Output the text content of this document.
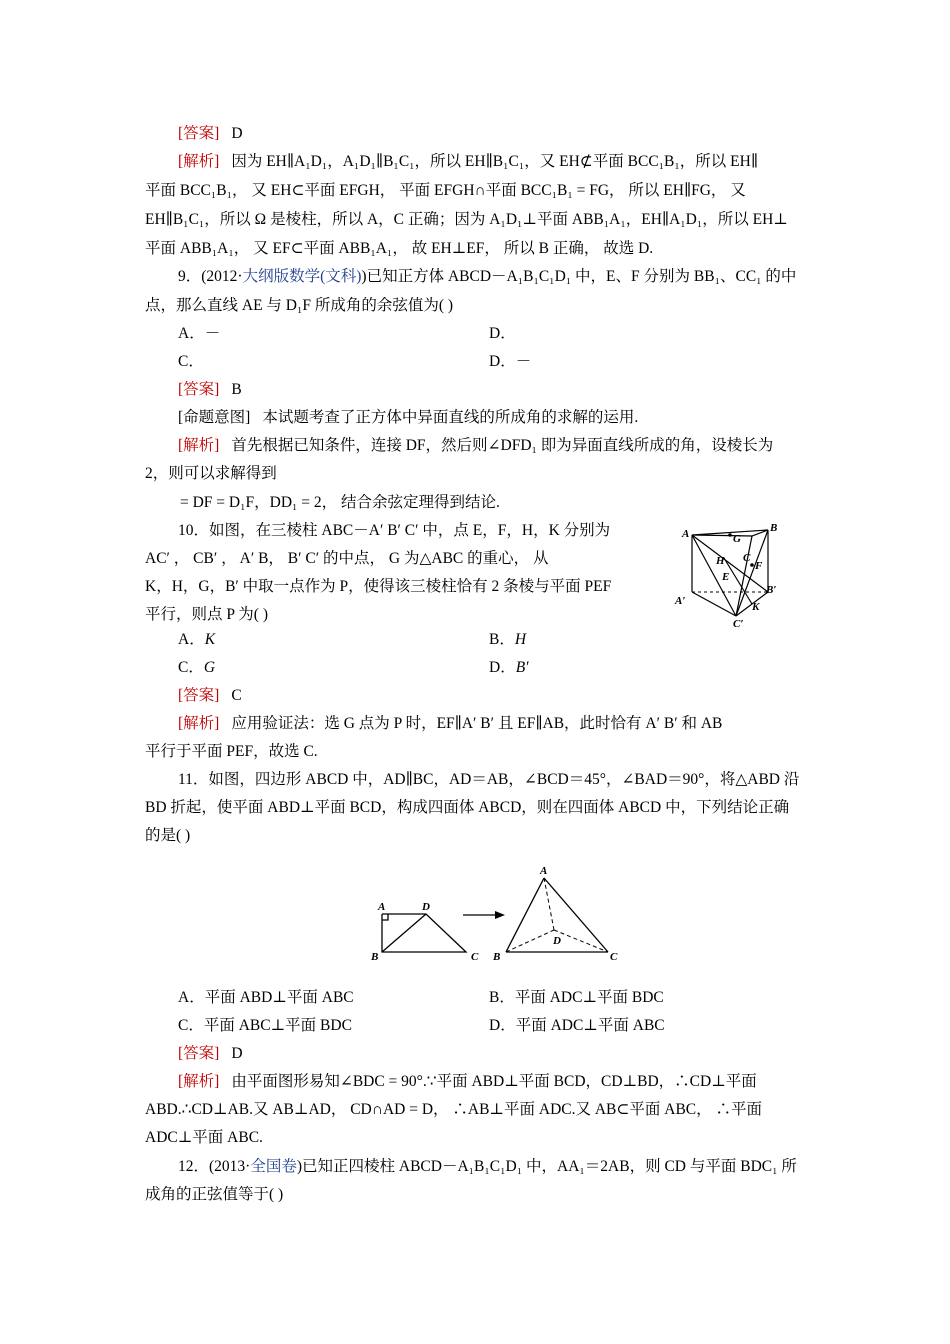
[答案] D
[解析] 因为 EH∥A₁D₁，A₁D₁∥B₁C₁，所以 EH∥B₁C₁，又 EH⊄平面 BCC₁B₁，所以 EH∥
平面 BCC₁B₁， 又 EH⊂平面 EFGH， 平面 EFGH∩平面 BCC₁B₁ = FG， 所以 EH∥FG， 又
EH∥B₁C₁，所以 Ω 是棱柱，所以 A，C 正确；因为 A₁D₁⊥平面 ABB₁A₁，EH∥A₁D₁，所以 EH⊥
平面 ABB₁A₁， 又 EF⊂平面 ABB₁A₁， 故 EH⊥EF， 所以 B 正确， 故选 D.
9．(2012·大纲版数学(文科))已知正方体 ABCD－A₁B₁C₁D₁ 中，E、F 分别为 BB₁、CC₁ 的中
点，那么直线 AE 与 D₁F 所成角的余弦值为( )
A．－	D．
C．	D．－
[答案] B
[命题意图] 本试题考查了正方体中异面直线的所成角的求解的运用.
[解析] 首先根据已知条件，连接 DF，然后则∠DFD₁ 即为异面直线所成的角，设棱长为
2，则可以求解得到
= DF = D₁F，DD₁ = 2， 结合余弦定理得到结论.
10．如图，在三棱柱 ABC－A′ B′ C′ 中，点 E，F，H，K 分别为
AC′ ， CB′ ， A′ B， B′ C′ 的中点， G 为△ABC 的重心， 从
K，H，G，B′ 中取一点作为 P，使得该三棱柱恰有 2 条棱与平面 PEF
平行，则点 P 为( )
A	B
G
H C
F
E
A′
B′
K
C′
A．K	B．H
C．G	D．B′
[答案] C
[解析] 应用验证法：选 G 点为 P 时，EF∥A′ B′ 且 EF∥AB，此时恰有 A′ B′ 和 AB
平行于平面 PEF，故选 C.
11．如图，四边形 ABCD 中，AD∥BC，AD＝AB，∠BCD＝45°，∠BAD＝90°，将△ABD 沿
BD 折起，使平面 ABD⊥平面 BCD，构成四面体 ABCD，则在四面体 ABCD 中，下列结论正确
的是( )
A	D
B	C
A
D
B	C
A．平面 ABD⊥平面 ABC	B．平面 ADC⊥平面 BDC
C．平面 ABC⊥平面 BDC	D．平面 ADC⊥平面 ABC
[答案] D
[解析] 由平面图形易知∠BDC = 90°.∵平面 ABD⊥平面 BCD，CD⊥BD，∴CD⊥平面
ABD.∴CD⊥AB.又 AB⊥AD， CD∩AD = D， ∴AB⊥平面 ADC.又 AB⊂平面 ABC， ∴平面
ADC⊥平面 ABC.
12．(2013·全国卷)已知正四棱柱 ABCD－A₁B₁C₁D₁ 中，AA₁＝2AB，则 CD 与平面 BDC₁ 所
成角的正弦值等于( )
